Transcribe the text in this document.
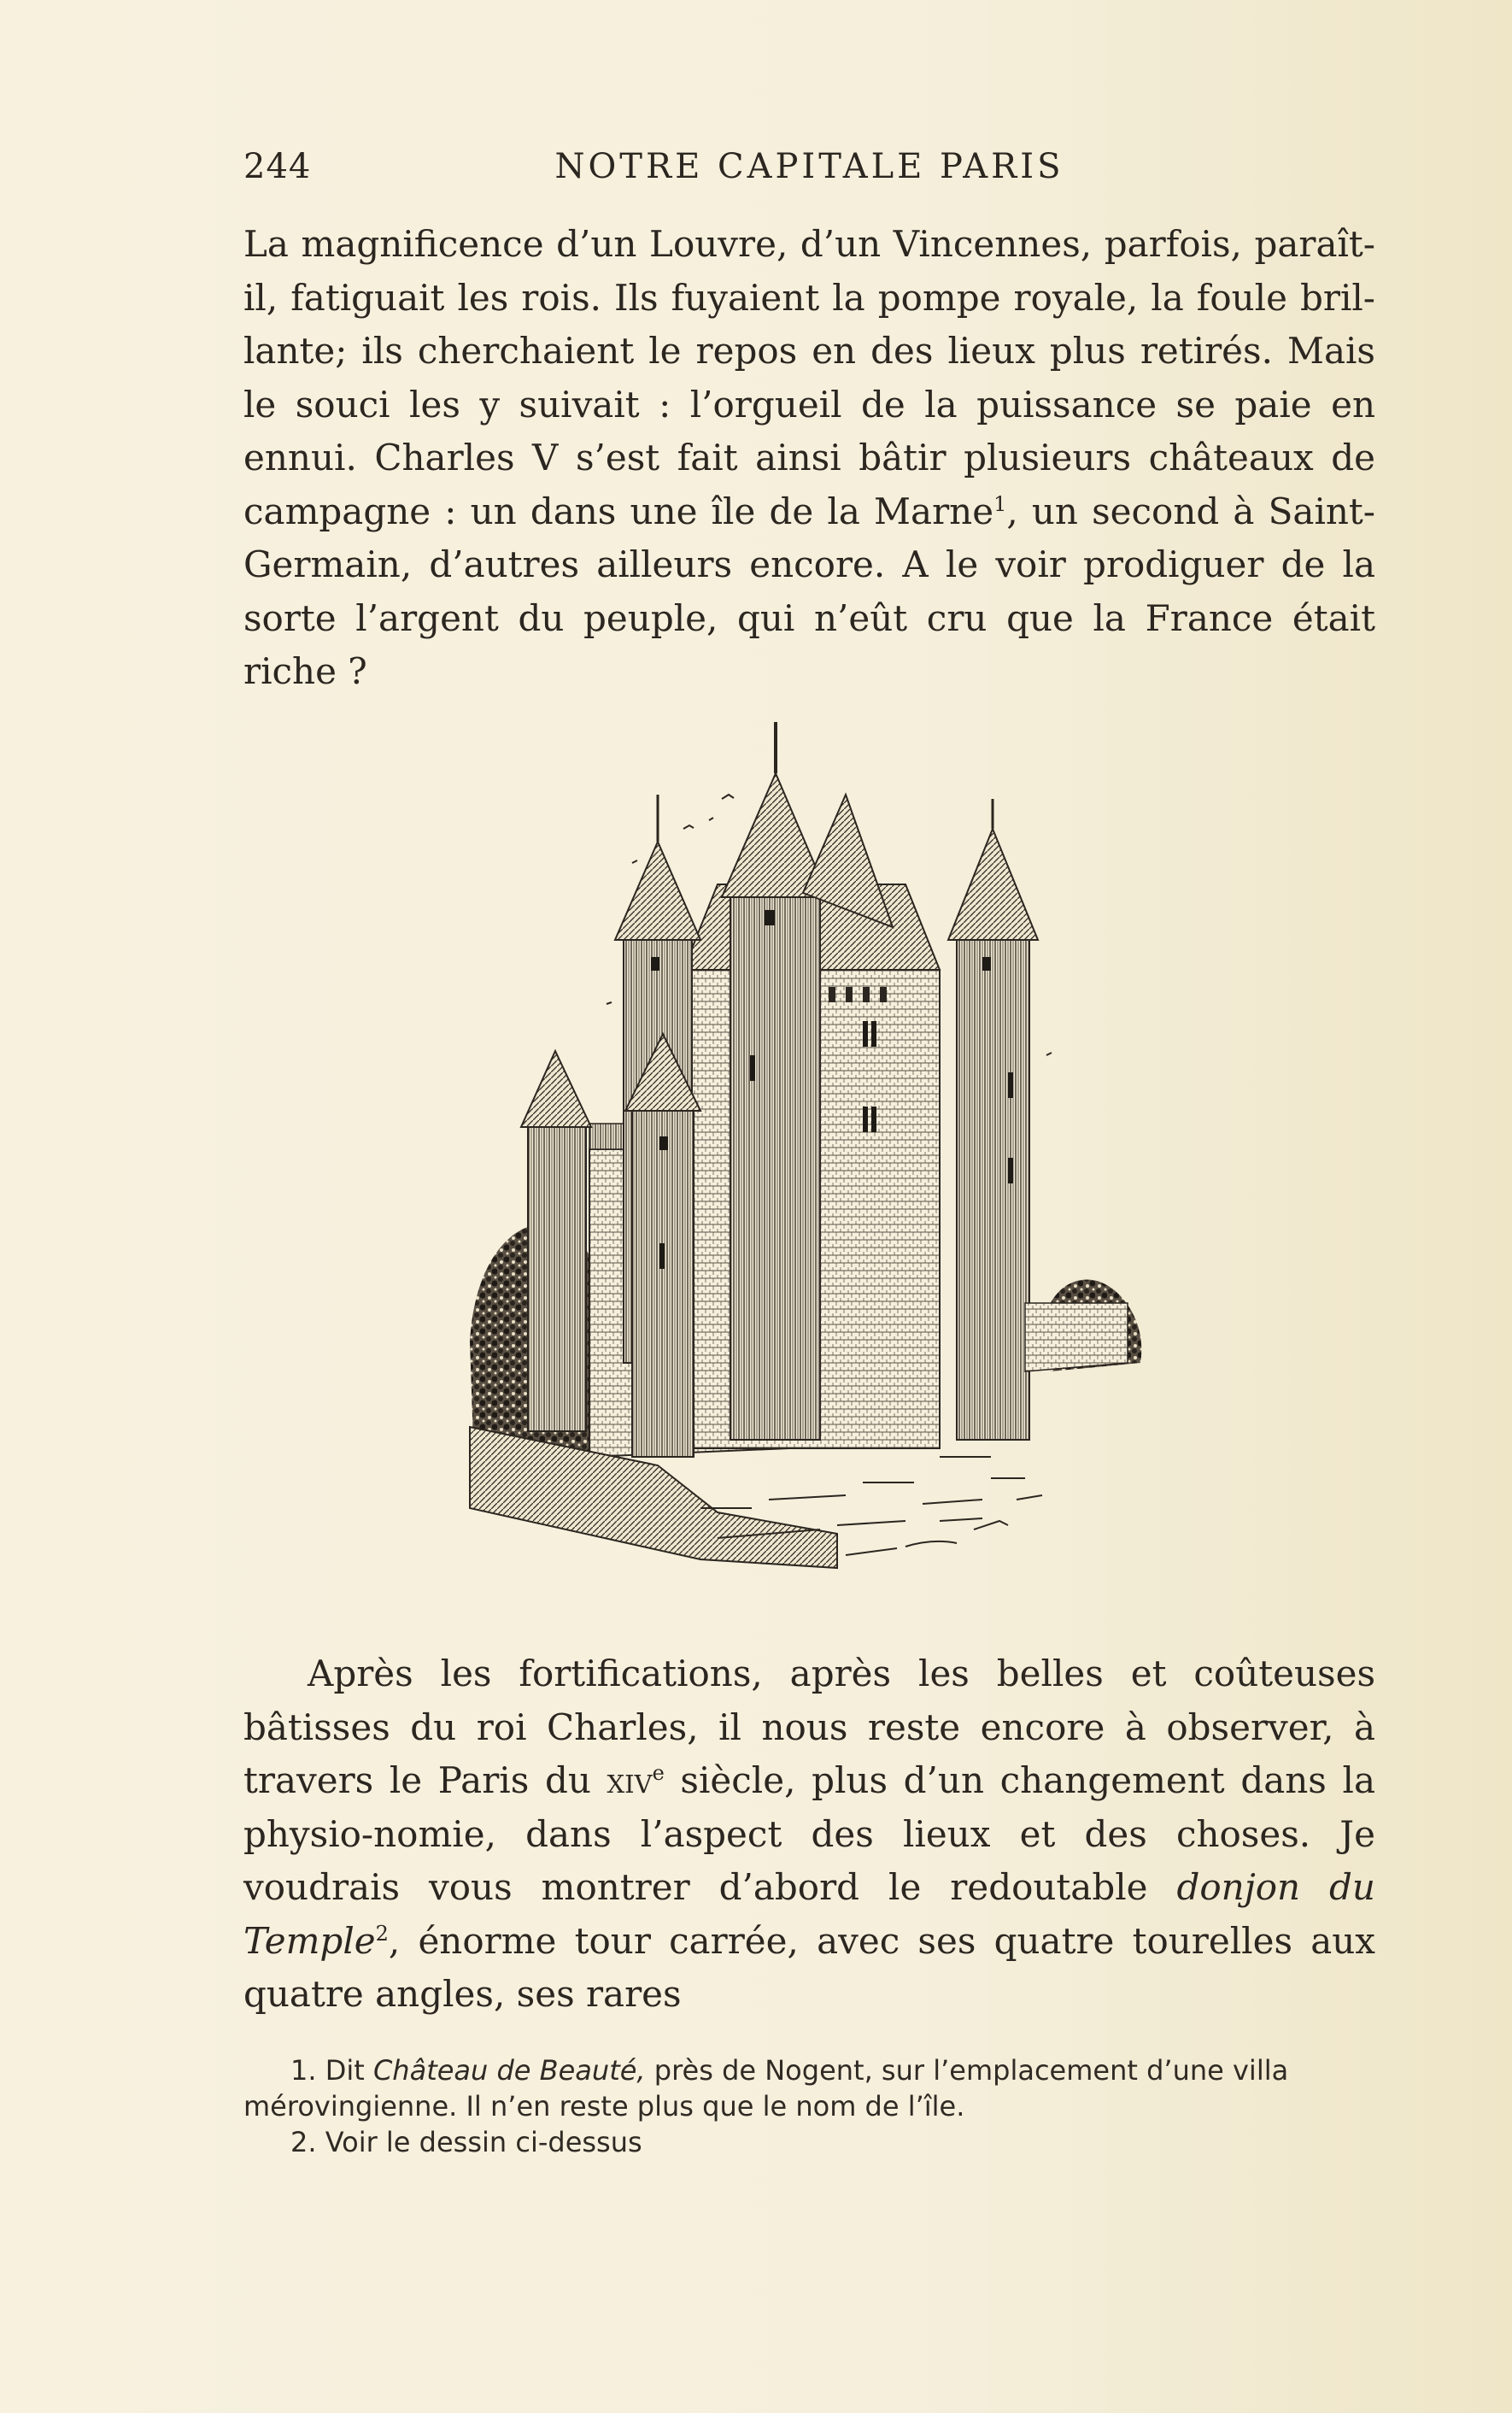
244	NOTRE CAPITALE PARIS

La magnificence d’un Louvre, d’un Vincennes, parfois, paraît-il, fatiguait les rois. Ils fuyaient la pompe royale, la foule bril-lante; ils cherchaient le repos en des lieux plus retirés. Mais le souci les y suivait : l’orgueil de la puissance se paie en ennui. Charles V s’est fait ainsi bâtir plusieurs châteaux de campagne : un dans une île de la Marne$^1$, un second à Saint-Germain, d’autres ailleurs encore. A le voir prodiguer de la sorte l’argent du peuple, qui n’eût cru que la France était riche ?

Après les fortifications, après les belles et coûteuses bâtisses du roi Charles, il nous reste encore à observer, à travers le Paris du xiv$^e$ siècle, plus d’un changement dans la physio-nomie, dans l’aspect des lieux et des choses. Je voudrais vous montrer d’abord le redoutable donjon du Temple$^2$, énorme tour carrée, avec ses quatre tourelles aux quatre angles, ses rares

1. Dit Château de Beauté, près de Nogent, sur l’emplacement d’une villa mérovingienne. Il n’en reste plus que le nom de l’île.

2. Voir le dessin ci-dessus
